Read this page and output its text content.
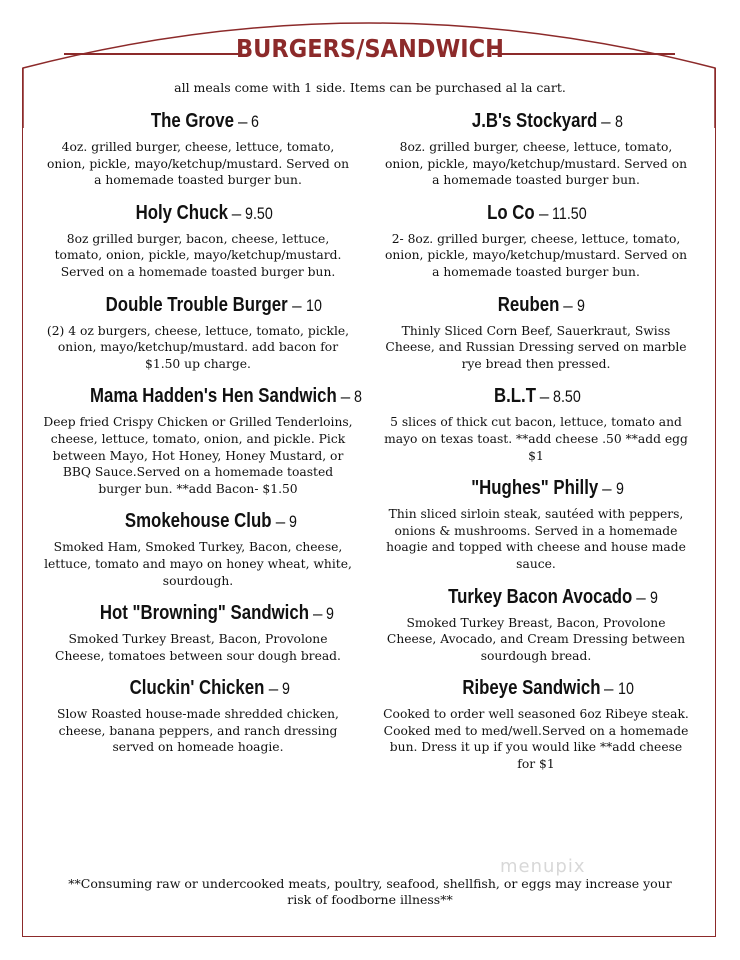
BURGERS/SANDWICH
all meals come with 1 side. Items can be purchased al la cart.
The Grove – 6
4oz. grilled burger, cheese, lettuce, tomato, onion, pickle, mayo/ketchup/mustard. Served on a homemade toasted burger bun.
Holy Chuck – 9.50
8oz grilled burger, bacon, cheese, lettuce, tomato, onion, pickle, mayo/ketchup/mustard. Served on a homemade toasted burger bun.
Double Trouble Burger – 10
(2) 4 oz burgers, cheese, lettuce, tomato, pickle, onion, mayo/ketchup/mustard. add bacon for $1.50 up charge.
Mama Hadden's Hen Sandwich – 8
Deep fried Crispy Chicken or Grilled Tenderloins, cheese, lettuce, tomato, onion, and pickle. Pick between Mayo, Hot Honey, Honey Mustard, or BBQ Sauce.Served on a homemade toasted burger bun. **add Bacon- $1.50
Smokehouse Club – 9
Smoked Ham, Smoked Turkey, Bacon, cheese, lettuce, tomato and mayo on honey wheat, white, sourdough.
Hot "Browning" Sandwich – 9
Smoked Turkey Breast, Bacon, Provolone Cheese, tomatoes between sour dough bread.
Cluckin' Chicken – 9
Slow Roasted house-made shredded chicken, cheese, banana peppers, and ranch dressing served on homeade hoagie.
J.B's Stockyard – 8
8oz. grilled burger, cheese, lettuce, tomato, onion, pickle, mayo/ketchup/mustard. Served on a homemade toasted burger bun.
Lo Co – 11.50
2- 8oz. grilled burger, cheese, lettuce, tomato, onion, pickle, mayo/ketchup/mustard. Served on a homemade toasted burger bun.
Reuben – 9
Thinly Sliced Corn Beef, Sauerkraut, Swiss Cheese, and Russian Dressing served on marble rye bread then pressed.
B.L.T – 8.50
5 slices of thick cut bacon, lettuce, tomato and mayo on texas toast. **add cheese .50 **add egg $1
"Hughes" Philly – 9
Thin sliced sirloin steak, sautéed with peppers, onions & mushrooms. Served in a homemade hoagie and topped with cheese and house made sauce.
Turkey Bacon Avocado – 9
Smoked Turkey Breast, Bacon, Provolone Cheese, Avocado, and Cream Dressing between sourdough bread.
Ribeye Sandwich – 10
Cooked to order well seasoned 6oz Ribeye steak. Cooked med to med/well.Served on a homemade bun. Dress it up if you would like **add cheese for $1
menupix
**Consuming raw or undercooked meats, poultry, seafood, shellfish, or eggs may increase your risk of foodborne illness**
